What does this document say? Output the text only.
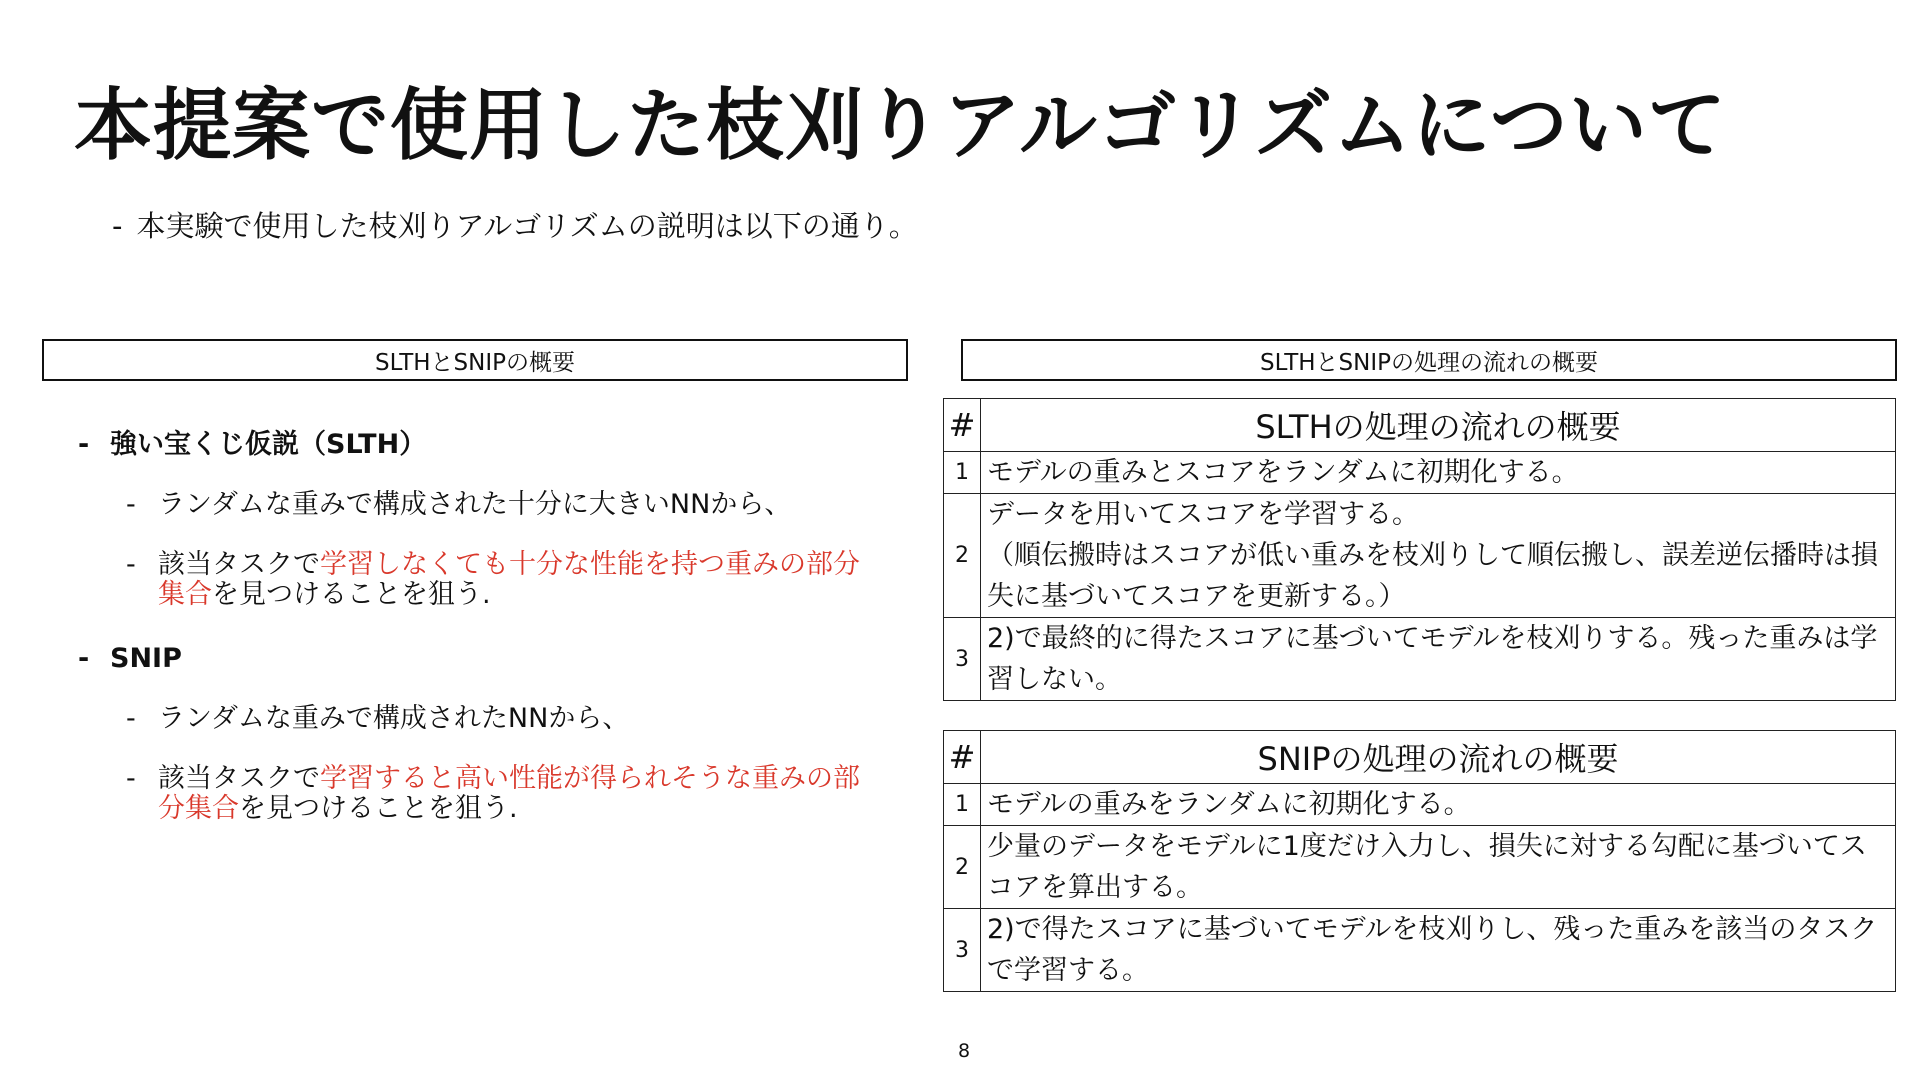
本提案で使用した枝刈りアルゴリズムについて
- 本実験で使用した枝刈りアルゴリズムの説明は以下の通り。
SLTHとSNIPの概要	SLTHとSNIPの処理の流れの概要
- 強い宝くじ仮説（SLTH）
- ランダムな重みで構成された十分に大きいNNから、
- 該当タスクで学習しなくても十分な性能を持つ重みの部分集合を見つけることを狙う.
- SNIP
- ランダムな重みで構成されたNNから、
- 該当タスクで学習すると高い性能が得られそうな重みの部分集合を見つけることを狙う.
#	SLTHの処理の流れの概要
1	モデルの重みとスコアをランダムに初期化する。
2	データを用いてスコアを学習する。
（順伝搬時はスコアが低い重みを枝刈りして順伝搬し、誤差逆伝播時は損失に基づいてスコアを更新する。）

3	2)で最終的に得たスコアに基づいてモデルを枝刈りする。残った重みは学習しない。
#	SNIPの処理の流れの概要
1	モデルの重みをランダムに初期化する。
2	少量のデータをモデルに1度だけ入力し、損失に対する勾配に基づいてスコアを算出する。
3	2)で得たスコアに基づいてモデルを枝刈りし、残った重みを該当のタスクで学習する。
8
